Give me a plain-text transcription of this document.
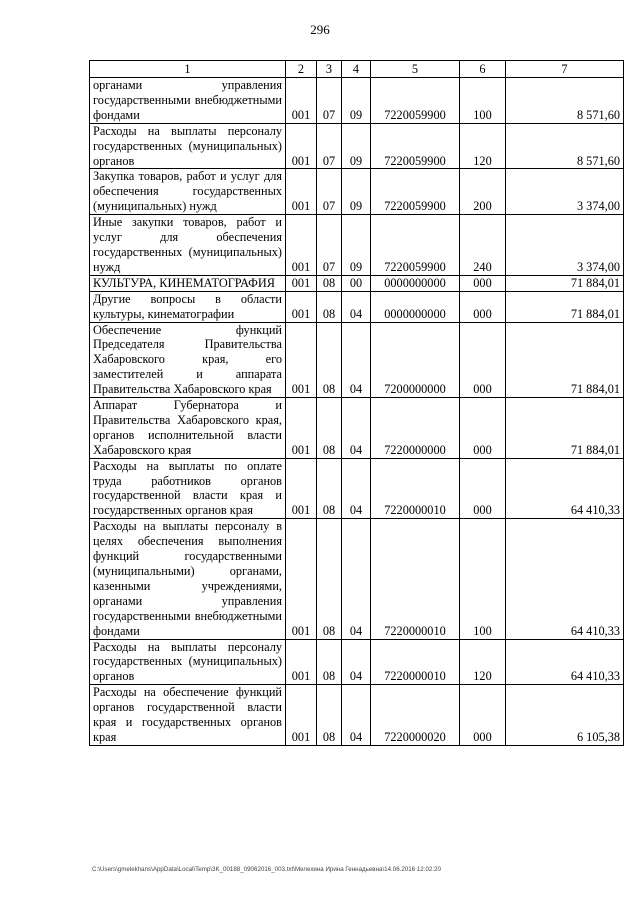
296
1	2	3	4	5	6	7
органами управления государственными внебюджетными фондами	001	07	09	7220059900	100	8 571,60
Расходы на выплаты персоналу государственных (муниципальных) органов	001	07	09	7220059900	120	8 571,60
Закупка товаров, работ и услуг для обеспечения государственных (муниципальных) нужд	001	07	09	7220059900	200	3 374,00
Иные закупки товаров, работ и услуг для обеспечения государственных (муниципальных) нужд	001	07	09	7220059900	240	3 374,00
КУЛЬТУРА, КИНЕМАТОГРАФИЯ	001	08	00	0000000000	000	71 884,01
Другие вопросы в области культуры, кинематографии	001	08	04	0000000000	000	71 884,01
Обеспечение функций Председателя Правительства Хабаровского края, его заместителей и аппарата Правительства Хабаровского края	001	08	04	7200000000	000	71 884,01
Аппарат Губернатора и Правительства Хабаровского края, органов исполнительной власти Хабаровского края	001	08	04	7220000000	000	71 884,01
Расходы на выплаты по оплате труда работников органов государственной власти края и государственных органов края	001	08	04	7220000010	000	64 410,33
Расходы на выплаты персоналу в целях обеспечения выполнения функций государственными (муниципальными) органами, казенными учреждениями, органами управления государственными внебюджетными фондами	001	08	04	7220000010	100	64 410,33
Расходы на выплаты персоналу государственных (муниципальных) органов	001	08	04	7220000010	120	64 410,33
Расходы на обеспечение функций органов государственной власти края и государственных органов края	001	08	04	7220000020	000	6 105,38
C:\Users\gmelekhans\AppData\Local\Temp\3K_00188_09062016_003.txt\Мелехина Ирина Геннадьевна\14.06.2016 12:02:20
